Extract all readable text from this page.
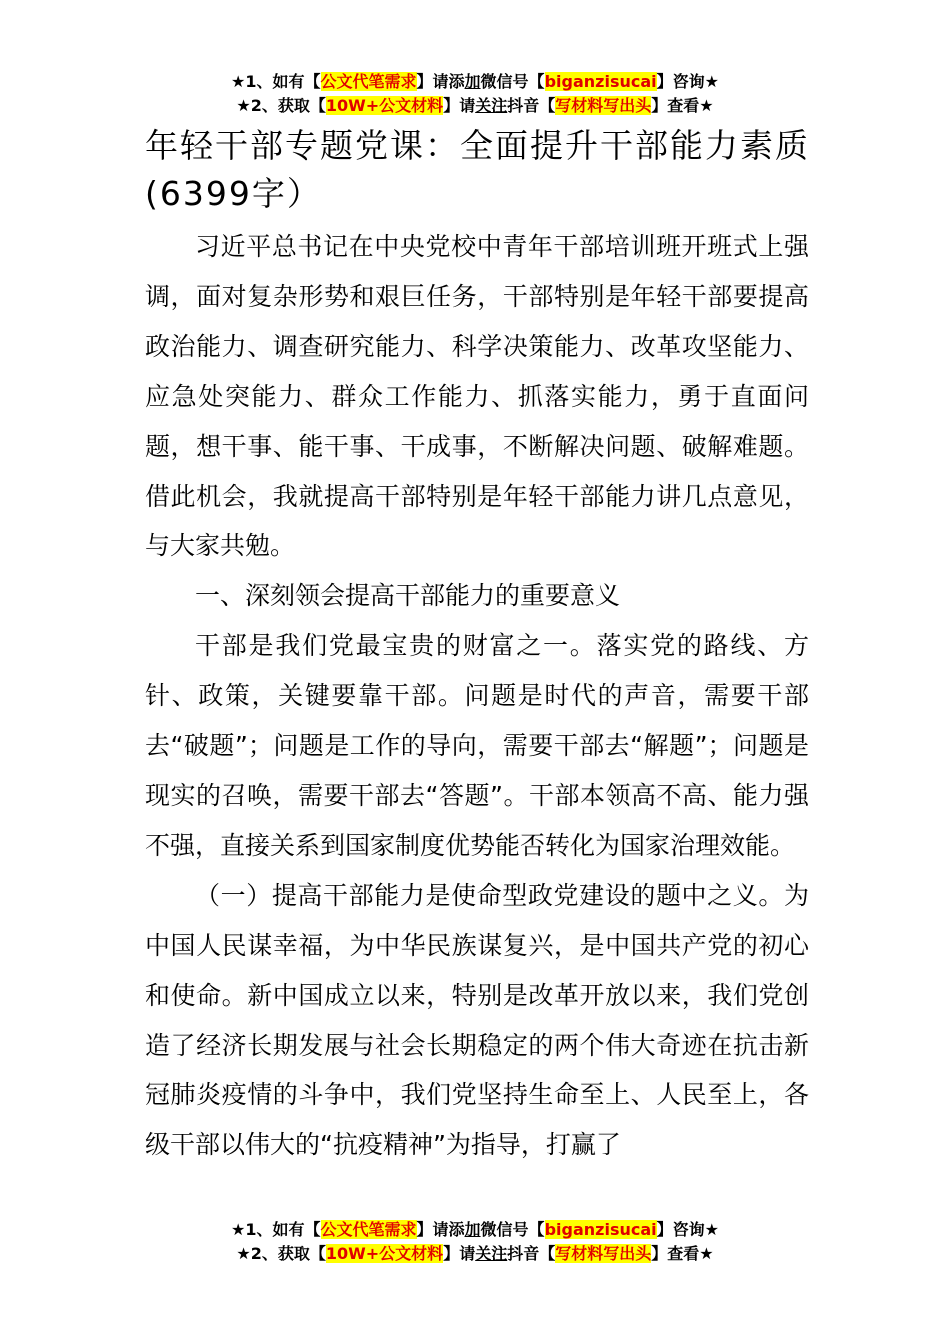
★1、如有【公文代笔需求】请添加微信号【biganzisucai】咨询★
★2、获取【10W+公文材料】请关注抖音【写材料写出头】查看★
年轻干部专题党课：全面提升干部能力素质(6399字）

习近平总书记在中央党校中青年干部培训班开班式上强调，面对复杂形势和艰巨任务，干部特别是年轻干部要提高政治能力、调查研究能力、科学决策能力、改革攻坚能力、应急处突能力、群众工作能力、抓落实能力，勇于直面问题，想干事、能干事、干成事，不断解决问题、破解难题。借此机会，我就提高干部特别是年轻干部能力讲几点意见，与大家共勉。

一、深刻领会提高干部能力的重要意义

干部是我们党最宝贵的财富之一。落实党的路线、方针、政策，关键要靠干部。问题是时代的声音，需要干部去“破题”；问题是工作的导向，需要干部去“解题”；问题是现实的召唤，需要干部去“答题”。干部本领高不高、能力强不强，直接关系到国家制度优势能否转化为国家治理效能。

（一）提高干部能力是使命型政党建设的题中之义。为中国人民谋幸福，为中华民族谋复兴，是中国共产党的初心和使命。新中国成立以来，特别是改革开放以来，我们党创造了经济长期发展与社会长期稳定的两个伟大奇迹在抗击新冠肺炎疫情的斗争中，我们党坚持生命至上、人民至上，各级干部以伟大的“抗疫精神”为指导，打赢了

★1、如有【公文代笔需求】请添加微信号【biganzisucai】咨询★
★2、获取【10W+公文材料】请关注抖音【写材料写出头】查看★
